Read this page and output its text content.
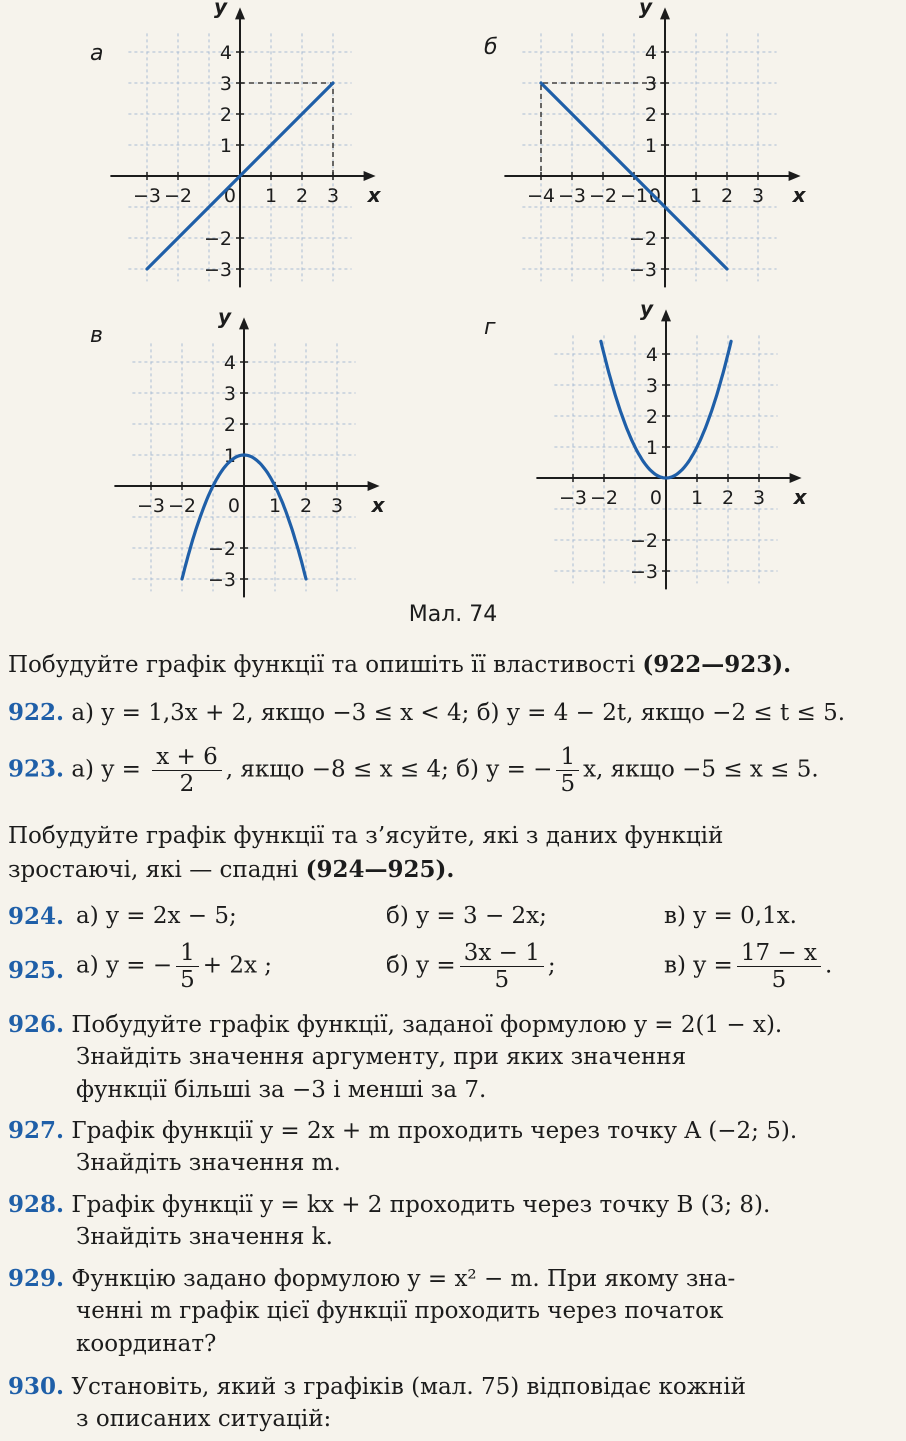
x
y
а
−3 −2 0 1 2 3
4
3
2
1
−2
−3
x
y
б
−4 −3 −2 −1 0 1 2 3
4
3
2
1
−2
−3
x
y
в
−3 −2 0 1 2 3
4
3
2
1
−2
−3
x
y
г
−3 −2 0 1 2 3
4
3
2
1
−2
−3
Мал. 74
Побудуйте графік функції та опишіть її властивості (922—923).
922. а) y = 1,3x + 2, якщо −3 ≤ x < 4; б) y = 4 − 2t, якщо −2 ≤ t ≤ 5.
923. а) $y = \frac{x + 6}{2}$ , якщо −8 ≤ x ≤ 4; б) y = − $\frac{1}{5} x$, якщо −5 ≤ x ≤ 5.
Побудуйте графік функції та з’ясуйте, які з даних функцій
зростаючі, які — спадні (924—925).
924. а) y = 2x − 5;	б) y = 3 − 2x;	в) y = 0,1x.
925. а) y = − $\frac{1}{5} + 2x$ ;	б) $y = \frac{3x - 1}{5}$ ;	в) $y = \frac{17 - x}{5}$ .
926. Побудуйте графік функції, заданої формулою y = 2(1 − x).
Знайдіть значення аргументу, при яких значення
функції більші за −3 і менші за 7.
927. Графік функції y = 2x + m проходить через точку A (−2; 5).
Знайдіть значення m.
928. Графік функції y = kx + 2 проходить через точку B (3; 8).
Знайдіть значення k.
929. Функцію задано формулою y = x² − m. При якому зна-
ченні m графік цієї функції проходить через початок
координат?
930. Установіть, який з графіків (мал. 75) відповідає кожній
з описаних ситуацій:
